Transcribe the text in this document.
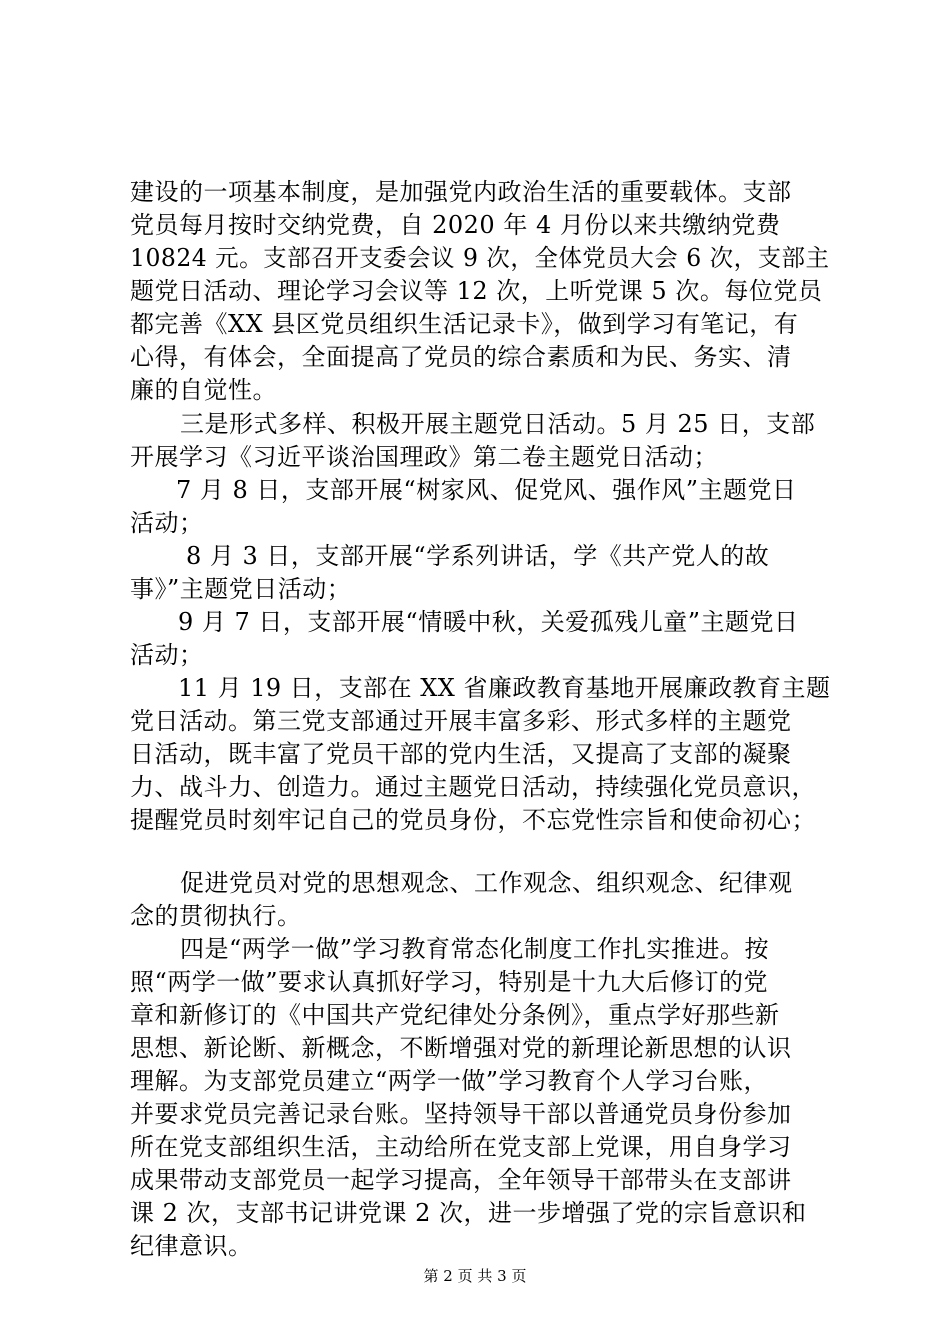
建设的一项基本制度，是加强党内政治生活的重要载体。支部
党员每月按时交纳党费，自 2020 年 4 月份以来共缴纳党费
10824 元。支部召开支委会议 9 次，全体党员大会 6 次，支部主
题党日活动、理论学习会议等 12 次，上听党课 5 次。每位党员
都完善《XX 县区党员组织生活记录卡》，做到学习有笔记，有
心得，有体会，全面提高了党员的综合素质和为民、务实、清
廉的自觉性。
三是形式多样、积极开展主题党日活动。5 月 25 日，支部
开展学习《习近平谈治国理政》第二卷主题党日活动；
7 月 8 日，支部开展“树家风、促党风、强作风”主题党日
活动；
8 月 3 日，支部开展“学系列讲话，学《共产党人的故
事》”主题党日活动；
9 月 7 日，支部开展“情暖中秋，关爱孤残儿童”主题党日
活动；
11 月 19 日，支部在 XX 省廉政教育基地开展廉政教育主题
党日活动。第三党支部通过开展丰富多彩、形式多样的主题党
日活动，既丰富了党员干部的党内生活，又提高了支部的凝聚
力、战斗力、创造力。通过主题党日活动，持续强化党员意识，
提醒党员时刻牢记自己的党员身份，不忘党性宗旨和使命初心；
促进党员对党的思想观念、工作观念、组织观念、纪律观
念的贯彻执行。
四是“两学一做”学习教育常态化制度工作扎实推进。按
照“两学一做”要求认真抓好学习，特别是十九大后修订的党
章和新修订的《中国共产党纪律处分条例》，重点学好那些新
思想、新论断、新概念，不断增强对党的新理论新思想的认识
理解。为支部党员建立“两学一做”学习教育个人学习台账，
并要求党员完善记录台账。坚持领导干部以普通党员身份参加
所在党支部组织生活，主动给所在党支部上党课，用自身学习
成果带动支部党员一起学习提高，全年领导干部带头在支部讲
课 2 次，支部书记讲党课 2 次，进一步增强了党的宗旨意识和
纪律意识。
第 2 页 共 3 页
